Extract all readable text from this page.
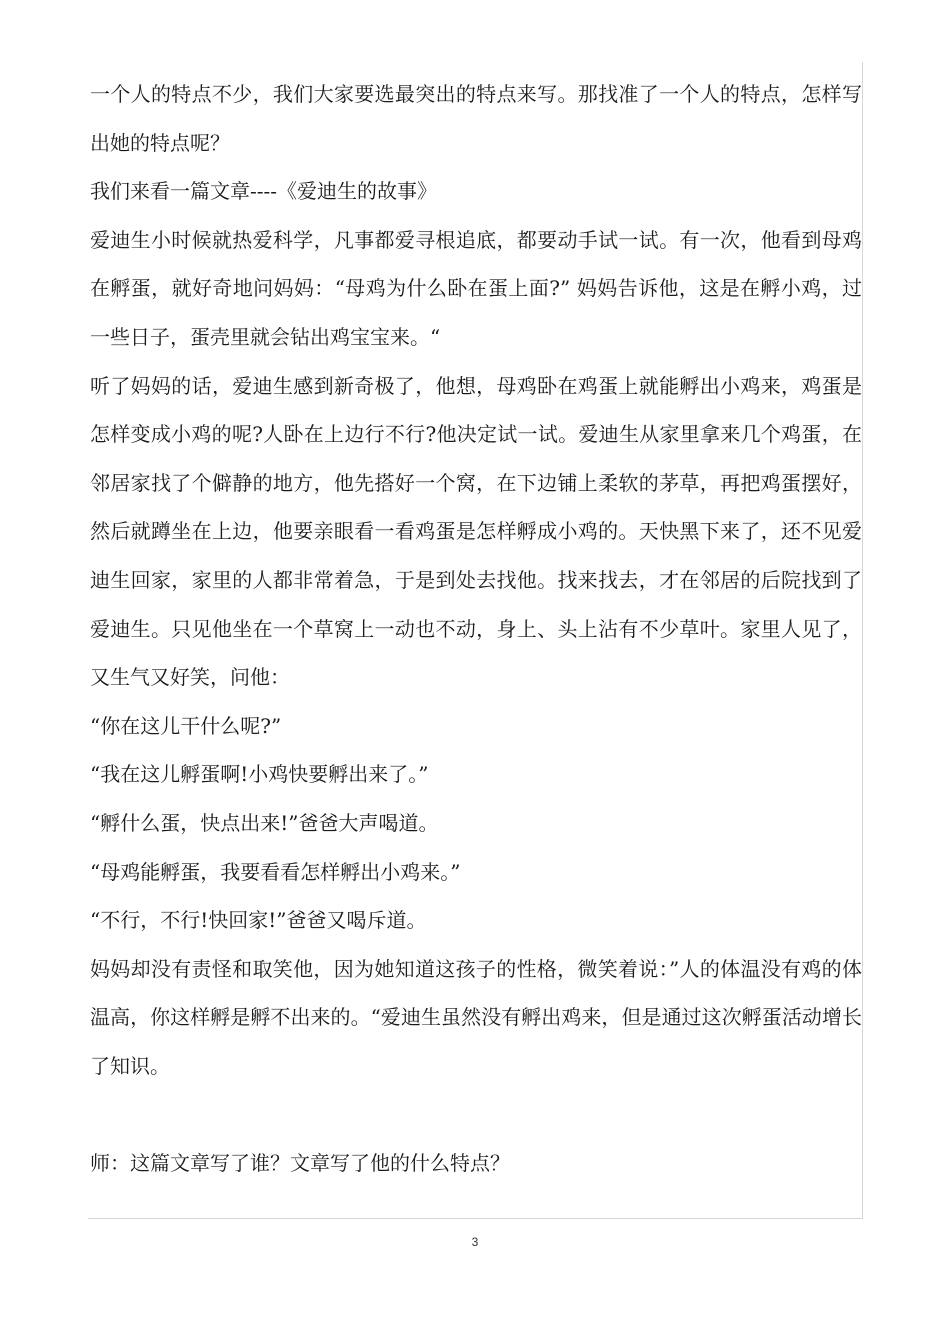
一个人的特点不少，我们大家要选最突出的特点来写。那找准了一个人的特点，怎样写出她的特点呢？

我们来看一篇文章----《爱迪生的故事》

爱迪生小时候就热爱科学，凡事都爱寻根追底，都要动手试一试。有一次，他看到母鸡在孵蛋，就好奇地问妈妈：“母鸡为什么卧在蛋上面?” 妈妈告诉他，这是在孵小鸡，过一些日子，蛋壳里就会钻出鸡宝宝来。“

听了妈妈的话，爱迪生感到新奇极了，他想，母鸡卧在鸡蛋上就能孵出小鸡来，鸡蛋是怎样变成小鸡的呢?人卧在上边行不行?他决定试一试。爱迪生从家里拿来几个鸡蛋，在邻居家找了个僻静的地方，他先搭好一个窝，在下边铺上柔软的茅草，再把鸡蛋摆好，然后就蹲坐在上边，他要亲眼看一看鸡蛋是怎样孵成小鸡的。天快黑下来了，还不见爱迪生回家，家里的人都非常着急，于是到处去找他。找来找去，才在邻居的后院找到了爱迪生。只见他坐在一个草窝上一动也不动，身上、头上沾有不少草叶。家里人见了，又生气又好笑，问他：

“你在这儿干什么呢?”

“我在这儿孵蛋啊!小鸡快要孵出来了。”

“孵什么蛋，快点出来!”爸爸大声喝道。

“母鸡能孵蛋，我要看看怎样孵出小鸡来。”

“不行，不行!快回家!”爸爸又喝斥道。

妈妈却没有责怪和取笑他，因为她知道这孩子的性格，微笑着说：”人的体温没有鸡的体温高，你这样孵是孵不出来的。“爱迪生虽然没有孵出鸡来，但是通过这次孵蛋活动增长了知识。

师：这篇文章写了谁？文章写了他的什么特点？

3
